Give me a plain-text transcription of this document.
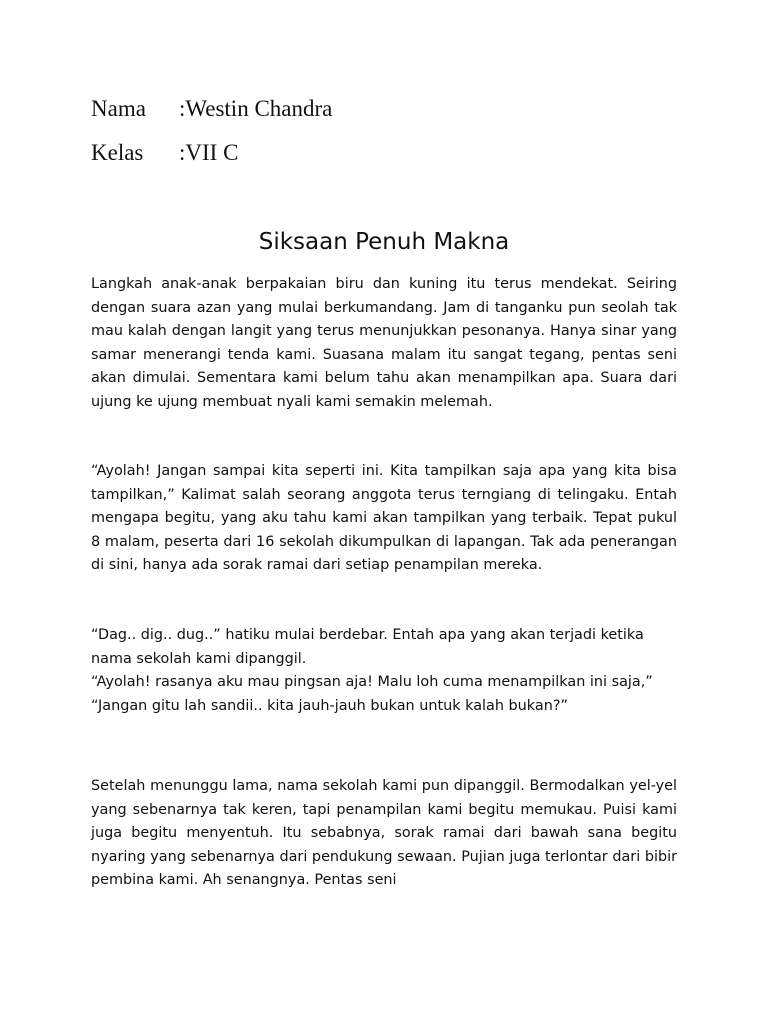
Nama :Westin Chandra
Kelas :VII C
Siksaan Penuh Makna

Langkah anak-anak berpakaian biru dan kuning itu terus mendekat. Seiring dengan suara azan yang mulai berkumandang. Jam di tanganku pun seolah tak mau kalah dengan langit yang terus menunjukkan pesonanya. Hanya sinar yang samar menerangi tenda kami. Suasana malam itu sangat tegang, pentas seni akan dimulai. Sementara kami belum tahu akan menampilkan apa. Suara dari ujung ke ujung membuat nyali kami semakin melemah.

“Ayolah! Jangan sampai kita seperti ini. Kita tampilkan saja apa yang kita bisa tampilkan,” Kalimat salah seorang anggota terus terngiang di telingaku. Entah mengapa begitu, yang aku tahu kami akan tampilkan yang terbaik. Tepat pukul 8 malam, peserta dari 16 sekolah dikumpulkan di lapangan. Tak ada penerangan di sini, hanya ada sorak ramai dari setiap penampilan mereka.

“Dag.. dig.. dug..” hatiku mulai berdebar. Entah apa yang akan terjadi ketika nama sekolah kami dipanggil.

“Ayolah! rasanya aku mau pingsan aja! Malu loh cuma menampilkan ini saja,”

“Jangan gitu lah sandii.. kita jauh-jauh bukan untuk kalah bukan?”

Setelah menunggu lama, nama sekolah kami pun dipanggil. Bermodalkan yel-yel yang sebenarnya tak keren, tapi penampilan kami begitu memukau. Puisi kami juga begitu menyentuh. Itu sebabnya, sorak ramai dari bawah sana begitu nyaring yang sebenarnya dari pendukung sewaan. Pujian juga terlontar dari bibir pembina kami. Ah senangnya. Pentas seni
